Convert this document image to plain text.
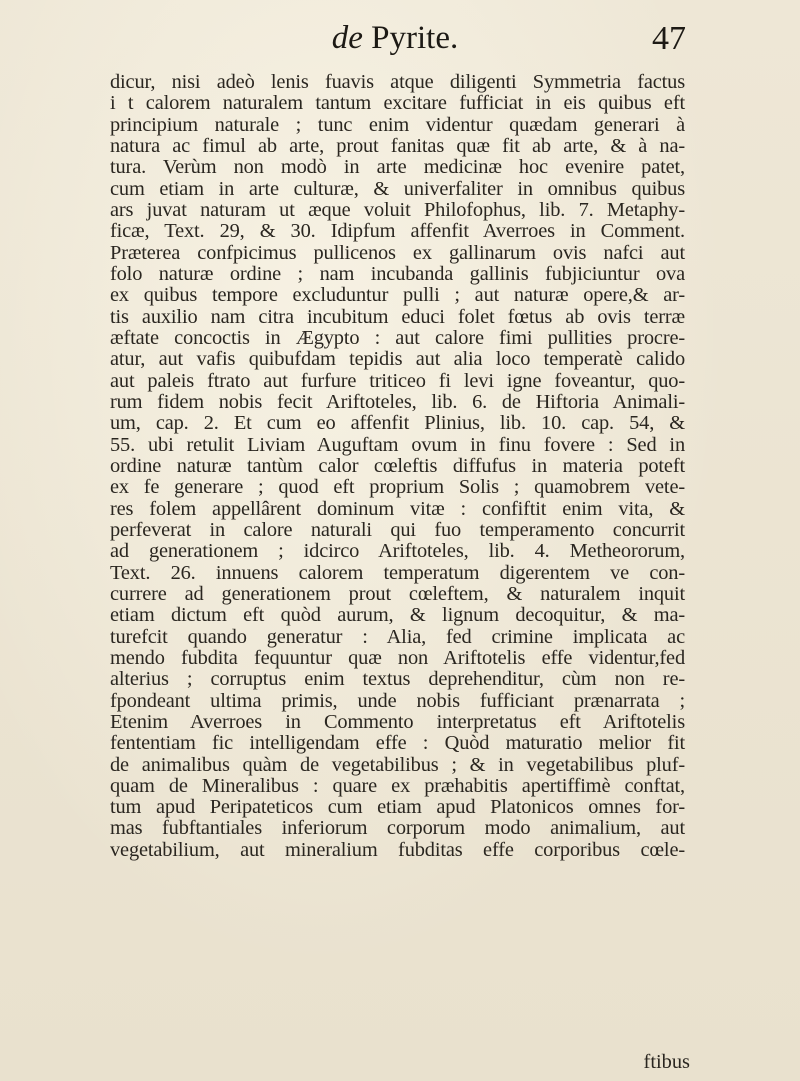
de Pyrite.	47
dicur, nisi adeò lenis fuavis atque diligenti Symmetria factus
i t calorem naturalem tantum excitare fufficiat in eis quibus eft
principium naturale ; tunc enim videntur quædam generari à
natura ac fimul ab arte, prout fanitas quæ fit ab arte, & à na-
tura. Verùm non modò in arte medicinæ hoc evenire patet,
cum etiam in arte culturæ, & univerfaliter in omnibus quibus
ars juvat naturam ut æque voluit Philofophus, lib. 7. Metaphy-
ficæ, Text. 29, & 30. Idipfum affenfit Averroes in Comment.
Præterea confpicimus pullicenos ex gallinarum ovis nafci aut
folo naturæ ordine ; nam incubanda gallinis fubjiciuntur ova
ex quibus tempore excluduntur pulli ; aut naturæ opere,& ar-
tis auxilio nam citra incubitum educi folet fœtus ab ovis terræ
æftate concoctis in Ægypto : aut calore fimi pullities procre-
atur, aut vafis quibufdam tepidis aut alia loco temperatè calido
aut paleis ftrato aut furfure triticeo fi levi igne foveantur, quo-
rum fidem nobis fecit Ariftoteles, lib. 6. de Hiftoria Animali-
um, cap. 2. Et cum eo affenfit Plinius, lib. 10. cap. 54, &
55. ubi retulit Liviam Auguftam ovum in finu fovere : Sed in
ordine naturæ tantùm calor cœleftis diffufus in materia poteft
ex fe generare ; quod eft proprium Solis ; quamobrem vete-
res folem appellârent dominum vitæ : confiftit enim vita, &
perfeverat in calore naturali qui fuo temperamento concurrit
ad generationem ; idcirco Ariftoteles, lib. 4. Metheororum,
Text. 26. innuens calorem temperatum digerentem ve con-
currere ad generationem prout cœleftem, & naturalem inquit
etiam dictum eft quòd aurum, & lignum decoquitur, & ma-
turefcit quando generatur : Alia, fed crimine implicata ac
mendo fubdita fequuntur quæ non Ariftotelis effe videntur,fed
alterius ; corruptus enim textus deprehenditur, cùm non re-
fpondeant ultima primis, unde nobis fufficiant prænarrata ;
Etenim Averroes in Commento interpretatus eft Ariftotelis
fententiam fic intelligendam effe : Quòd maturatio melior fit
de animalibus quàm de vegetabilibus ; & in vegetabilibus pluf-
quam de Mineralibus : quare ex præhabitis apertiffimè conftat,
tum apud Peripateticos cum etiam apud Platonicos omnes for-
mas fubftantiales inferiorum corporum modo animalium, aut
vegetabilium, aut mineralium fubditas effe corporibus cœle-
ftibus
